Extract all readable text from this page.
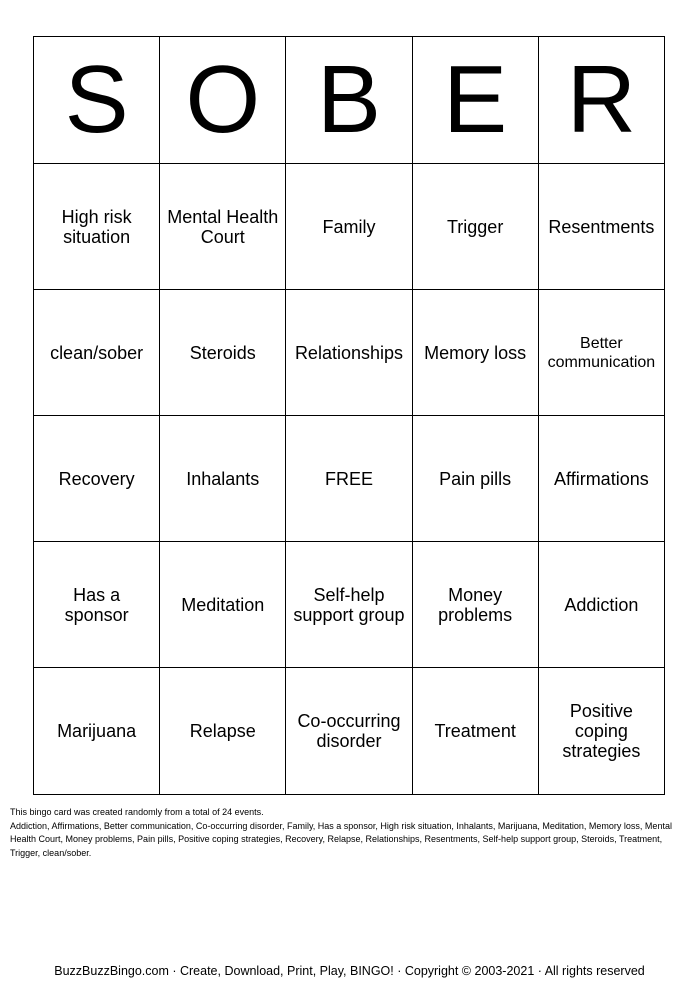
S	O	B	E	R
High risk situation	Mental Health Court	Family	Trigger	Resentments
clean/sober	Steroids	Relationships	Memory loss	Better communication
Recovery	Inhalants	FREE	Pain pills	Affirmations
Has a sponsor	Meditation	Self-help support group	Money problems	Addiction
Marijuana	Relapse	Co-occurring disorder	Treatment	Positive coping strategies

This bingo card was created randomly from a total of 24 events.

Addiction, Affirmations, Better communication, Co-occurring disorder, Family, Has a sponsor, High risk situation, Inhalants, Marijuana, Meditation, Memory loss, Mental Health Court, Money problems, Pain pills, Positive coping strategies, Recovery, Relapse, Relationships, Resentments, Self-help support group, Steroids, Treatment, Trigger, clean/sober.

BuzzBuzzBingo.com · Create, Download, Print, Play, BINGO! · Copyright © 2003-2021 · All rights reserved
